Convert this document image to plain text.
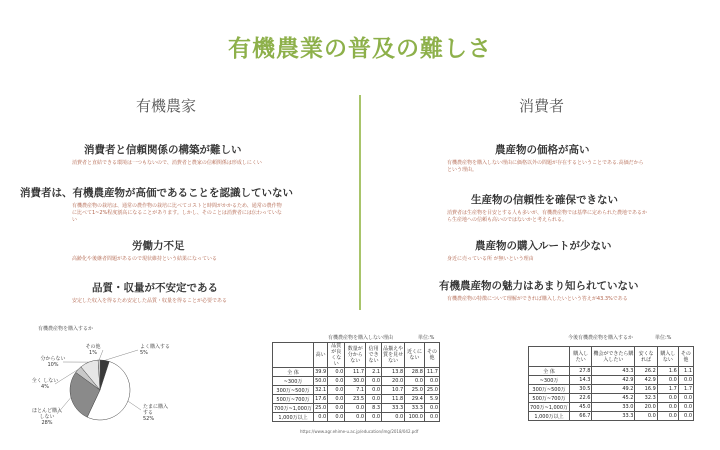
有機農業の普及の難しさ
有機農家	消費者
消費者と信頼関係の構築が難しい
消費者と直結できる環境は一つもないので、消費者と農家の信頼関係は形成しにくい
消費者は、有機農産物が高価であることを認識していない
有機農産物の栽培は、通常の農作物の栽培に比べてコストと時間がかかるため、通常の農作物に比べて1~2%程度割高になることがあります。しかし、そのことは消費者には伝わっていない
労働力不足
高齢化や後継者問題があるので現状維持という結果になっている
品質・収量が不安定である
安定した収入を得るため安定した品質・収量を得ることが必要である
農産物の価格が高い
有機農産物を購入しない理由に価格以外の問題が存在するということである.高価だからという理由。
生産物の信頼性を確保できない
消費者は生産物を目安とする人も多いが、有機農産物では基準に定められた農地であるから生産地への信頼も高いのではないかと考えられる。
農産物の購入ルートが少ない
身近に売っている所 が無いという理由
有機農産物の魅力はあまり知られていない
有機農産物の特徴について理解ができれば購入したいという答えが43.3%である
有機農産物を購入するか
よく購入する 5%
たまに購入する 52%
ほとんど購入しない 28%
全く しない 4%
分からない 10%
その他 1%
有機農産物を購入しない理由	単位:%
	高い	品質が良くない	数量が分からない	信用できない	品揃えや質を見せない	近くにない	その他
全 体	39.9	0.0	11.7	2.1	13.8	28.8	11.7
~300万	50.0	0.0	30.0	0.0	20.0	0.0	0.0
300万~500万	32.1	0.0	7.1	0.0	10.7	25.0	25.0
500万~700万	17.6	0.0	23.5	0.0	11.8	29.4	5.9
700万~1,000万	25.0	0.0	0.0	8.3	33.3	33.3	0.0
1,000万以上	0.0	0.0	0.0	0.0	0.0	100.0	0.0
https://www.agr.ehime-u.ac.jp/education/img/2018/042.pdf
今後有機農産物を購入するか	単位:%
	購入したい	機会ができたら購入したい	安くなれば	購入しない	その他
全 体	27.8	43.3	26.2	1.6	1.1
~300万	14.3	42.9	42.9	0.0	0.0
300万~500万	30.5	49.2	16.9	1.7	1.7
500万~700万	22.6	45.2	32.3	0.0	0.0
700万~1,000万	45.0	33.0	20.0	0.0	0.0
1,000万以上	66.7	33.3	0.0	0.0	0.0
